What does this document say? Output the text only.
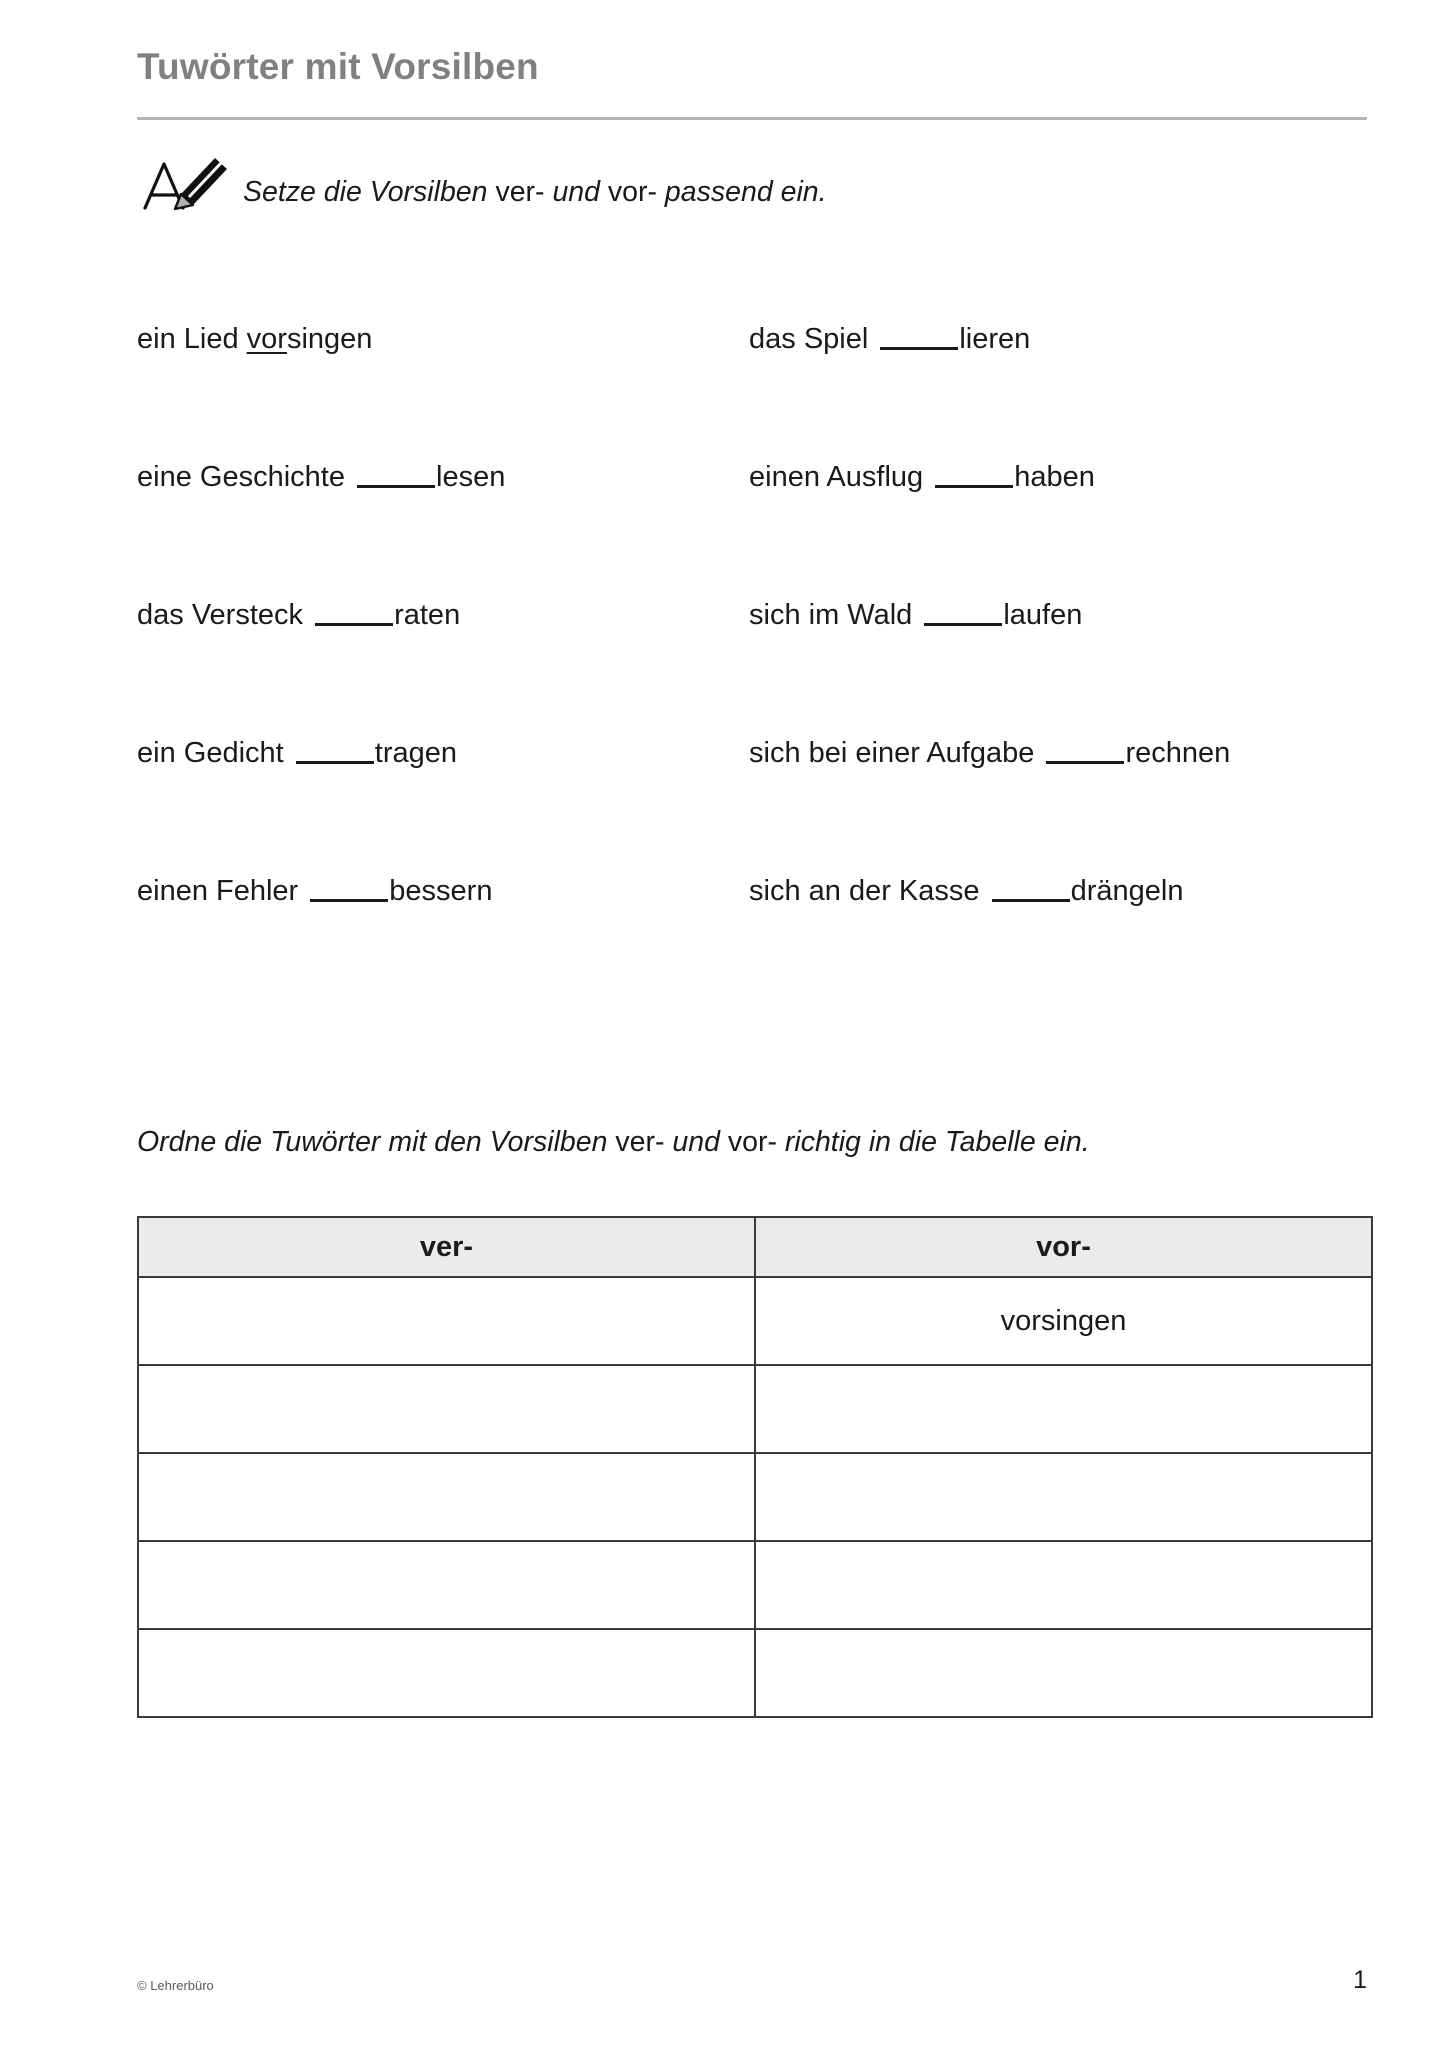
Tuwörter mit Vorsilben
Setze die Vorsilben ver- und vor- passend ein.
ein Lied vorsingen	das Spiel	lieren
eine Geschichte	lesen	einen Ausflug	haben
das Versteck	raten	sich im Wald	laufen
ein Gedicht	tragen	sich bei einer Aufgabe	rechnen
einen Fehler	bessern	sich an der Kasse	drängeln
Ordne die Tuwörter mit den Vorsilben ver- und vor- richtig in die Tabelle ein.
ver-	vor-
	vorsingen

© Lehrerbüro	1
